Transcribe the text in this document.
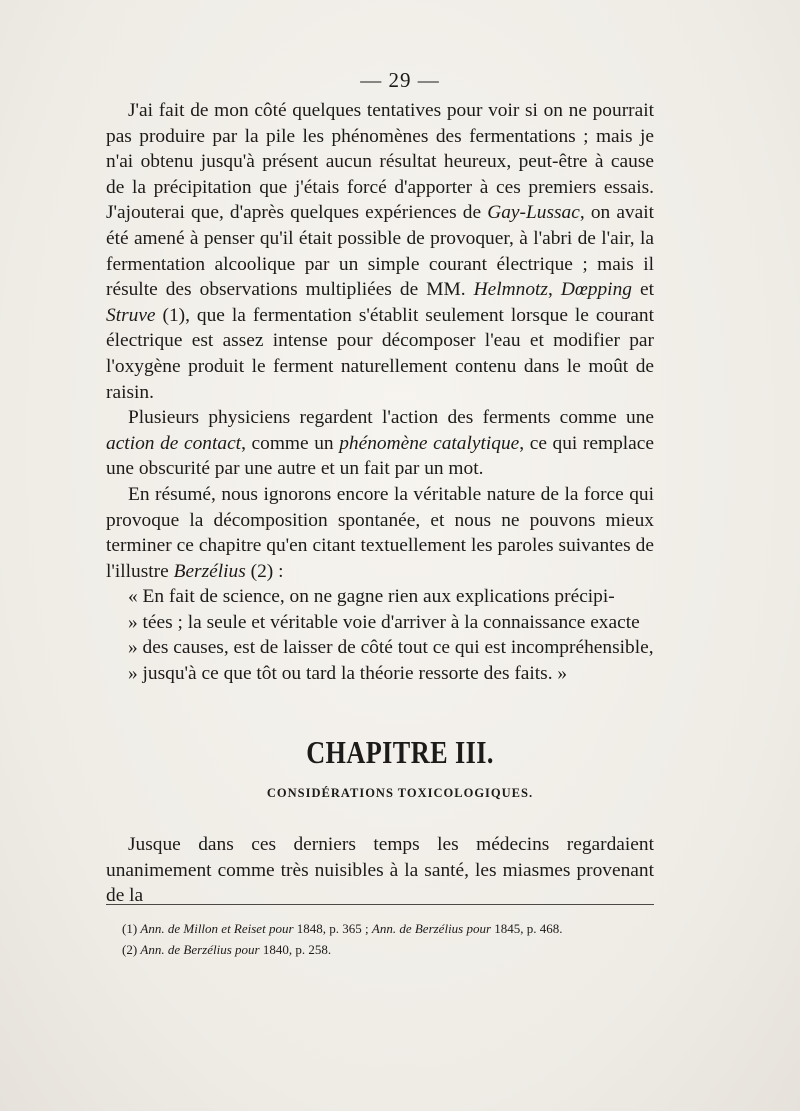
— 29 —

J'ai fait de mon côté quelques tentatives pour voir si on ne pourrait pas produire par la pile les phénomènes des fermentations ; mais je n'ai obtenu jusqu'à présent aucun résultat heureux, peut-être à cause de la précipitation que j'étais forcé d'apporter à ces premiers essais. J'ajouterai que, d'après quelques expériences de Gay-Lussac, on avait été amené à penser qu'il était possible de provoquer, à l'abri de l'air, la fermentation alcoolique par un simple courant électrique ; mais il résulte des observations multipliées de MM. Helmnotz, Dœpping et Struve (1), que la fermentation s'établit seulement lorsque le courant électrique est assez intense pour décomposer l'eau et modifier par l'oxygène produit le ferment naturellement contenu dans le moût de raisin.

Plusieurs physiciens regardent l'action des ferments comme une action de contact, comme un phénomène catalytique, ce qui remplace une obscurité par une autre et un fait par un mot.

En résumé, nous ignorons encore la véritable nature de la force qui provoque la décomposition spontanée, et nous ne pouvons mieux terminer ce chapitre qu'en citant textuellement les paroles suivantes de l'illustre Berzélius (2) :

« En fait de science, on ne gagne rien aux explications précipi-
» tées ; la seule et véritable voie d'arriver à la connaissance exacte
» des causes, est de laisser de côté tout ce qui est incompréhensible,
» jusqu'à ce que tôt ou tard la théorie ressorte des faits. »
CHAPITRE III.
CONSIDÉRATIONS TOXICOLOGIQUES.

Jusque dans ces derniers temps les médecins regardaient unanimement comme très nuisibles à la santé, les miasmes provenant de la

(1) Ann. de Millon et Reiset pour 1848, p. 365 ; Ann. de Berzélius pour 1845, p. 468.
(2) Ann. de Berzélius pour 1840, p. 258.
